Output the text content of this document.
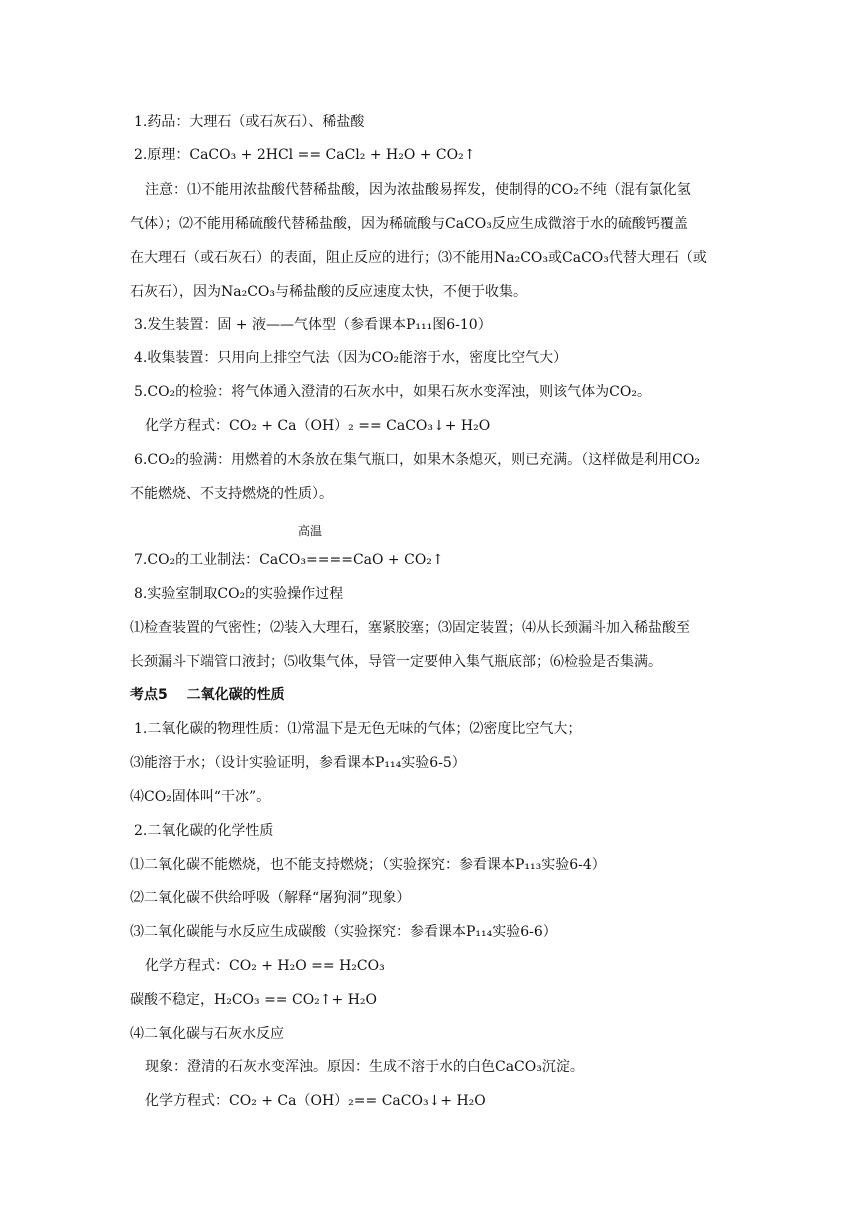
1.药品：大理石（或石灰石）、稀盐酸
2.原理：CaCO₃ + 2HCl == CaCl₂ + H₂O + CO₂↑
注意：⑴不能用浓盐酸代替稀盐酸，因为浓盐酸易挥发，使制得的CO₂不纯（混有氯化氢
气体）；⑵不能用稀硫酸代替稀盐酸，因为稀硫酸与CaCO₃反应生成微溶于水的硫酸钙覆盖
在大理石（或石灰石）的表面，阻止反应的进行；⑶不能用Na₂CO₃或CaCO₃代替大理石（或
石灰石），因为Na₂CO₃与稀盐酸的反应速度太快，不便于收集。
3.发生装置：固 + 液——气体型（参看课本P₁₁₁图6-10）
4.收集装置：只用向上排空气法（因为CO₂能溶于水，密度比空气大）
5.CO₂的检验：将气体通入澄清的石灰水中，如果石灰水变浑浊，则该气体为CO₂。
化学方程式：CO₂ + Ca（OH）₂ == CaCO₃↓+ H₂O
6.CO₂的验满：用燃着的木条放在集气瓶口，如果木条熄灭，则已充满。（这样做是利用CO₂
不能燃烧、不支持燃烧的性质）。
高温
7.CO₂的工业制法：CaCO₃====CaO + CO₂↑
8.实验室制取CO₂的实验操作过程
⑴检查装置的气密性；⑵装入大理石，塞紧胶塞；⑶固定装置；⑷从长颈漏斗加入稀盐酸至
长颈漏斗下端管口液封；⑸收集气体，导管一定要伸入集气瓶底部；⑹检验是否集满。
考点5　 二氧化碳的性质
1.二氧化碳的物理性质：⑴常温下是无色无味的气体；⑵密度比空气大；
⑶能溶于水；（设计实验证明，参看课本P₁₁₄实验6-5）
⑷CO₂固体叫“干冰”。
2.二氧化碳的化学性质
⑴二氧化碳不能燃烧，也不能支持燃烧；（实验探究：参看课本P₁₁₃实验6-4）
⑵二氧化碳不供给呼吸（解释“屠狗洞”现象）
⑶二氧化碳能与水反应生成碳酸（实验探究：参看课本P₁₁₄实验6-6）
化学方程式：CO₂ + H₂O == H₂CO₃
碳酸不稳定，H₂CO₃ == CO₂↑+ H₂O
⑷二氧化碳与石灰水反应
现象：澄清的石灰水变浑浊。原因：生成不溶于水的白色CaCO₃沉淀。
化学方程式：CO₂ + Ca（OH）₂== CaCO₃↓+ H₂O
